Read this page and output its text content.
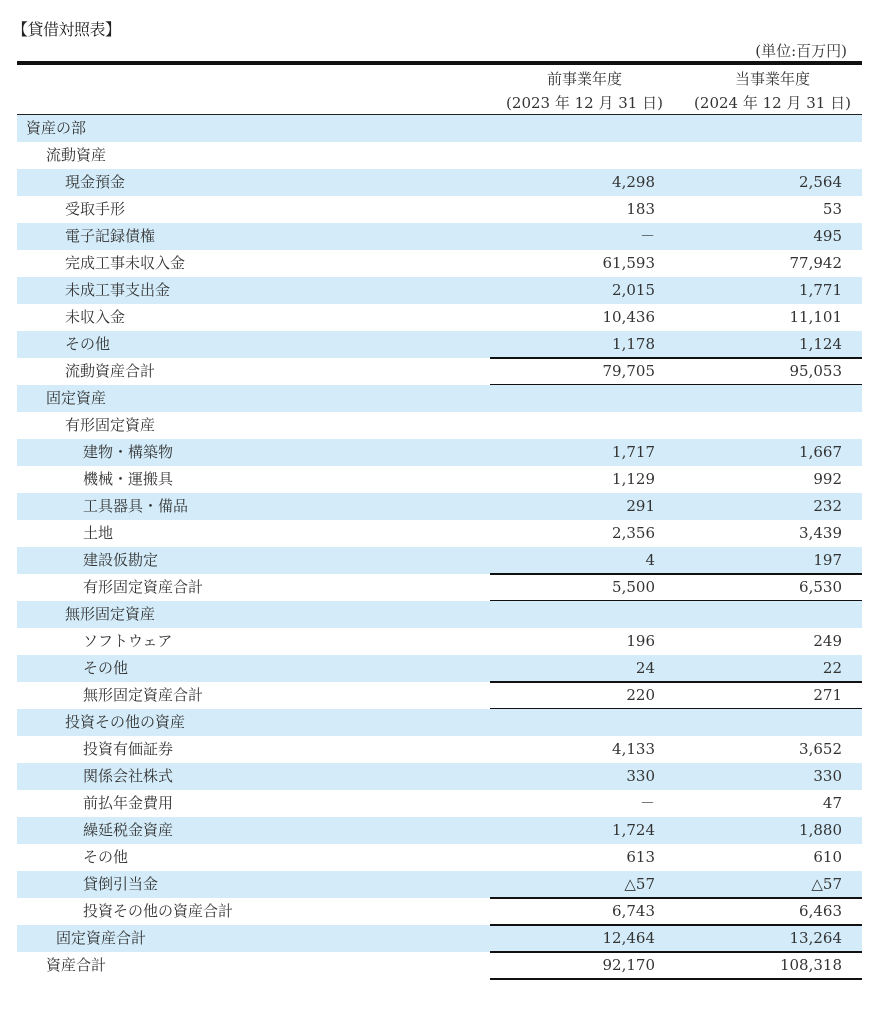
【貸借対照表】
(単位:百万円)
前事業年度
(2023 年 12 月 31 日)
当事業年度
(2024 年 12 月 31 日)
資産の部
流動資産
現金預金	4,298	2,564
受取手形	183	53
電子記録債権	－	495
完成工事未収入金	61,593	77,942
未成工事支出金	2,015	1,771
未収入金	10,436	11,101
その他	1,178	1,124
流動資産合計	79,705	95,053
固定資産
有形固定資産
建物・構築物	1,717	1,667
機械・運搬具	1,129	992
工具器具・備品	291	232
土地	2,356	3,439
建設仮勘定	4	197
有形固定資産合計	5,500	6,530
無形固定資産
ソフトウェア	196	249
その他	24	22
無形固定資産合計	220	271
投資その他の資産
投資有価証券	4,133	3,652
関係会社株式	330	330
前払年金費用	－	47
繰延税金資産	1,724	1,880
その他	613	610
貸倒引当金	△57	△57
投資その他の資産合計	6,743	6,463
固定資産合計	12,464	13,264
資産合計	92,170	108,318
